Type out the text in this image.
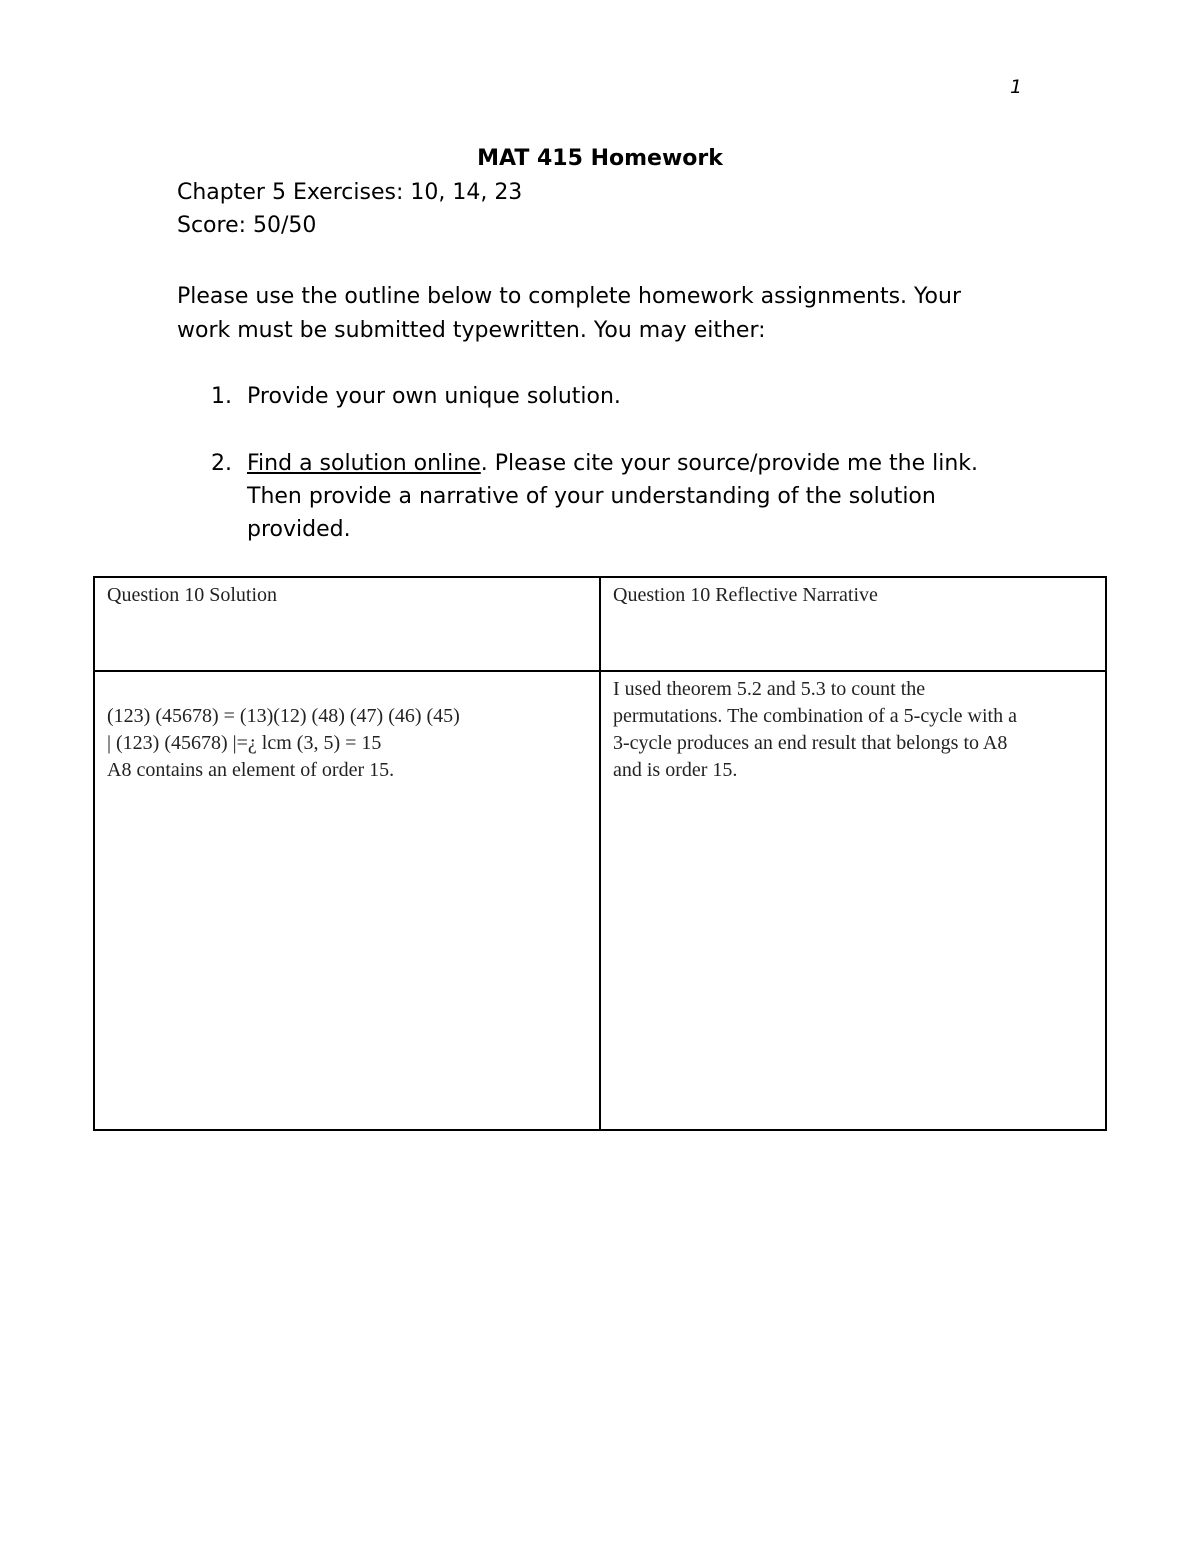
1
MAT 415 Homework
Chapter 5 Exercises: 10, 14, 23
Score: 50/50
Please use the outline below to complete homework assignments. Your
work must be submitted typewritten. You may either:
1. Provide your own unique solution.
2. Find a solution online. Please cite your source/provide me the link.
Then provide a narrative of your understanding of the solution
provided.
Question 10 Solution	Question 10 Reflective Narrative

(123) (45678) = (13)(12) (48) (47) (46) (45)
| (123) (45678) |=¿ lcm (3, 5) = 15
A8 contains an element of order 15.	I used theorem 5.2 and 5.3 to count the
permutations. The combination of a 5-cycle with a
3-cycle produces an end result that belongs to A8
and is order 15.
